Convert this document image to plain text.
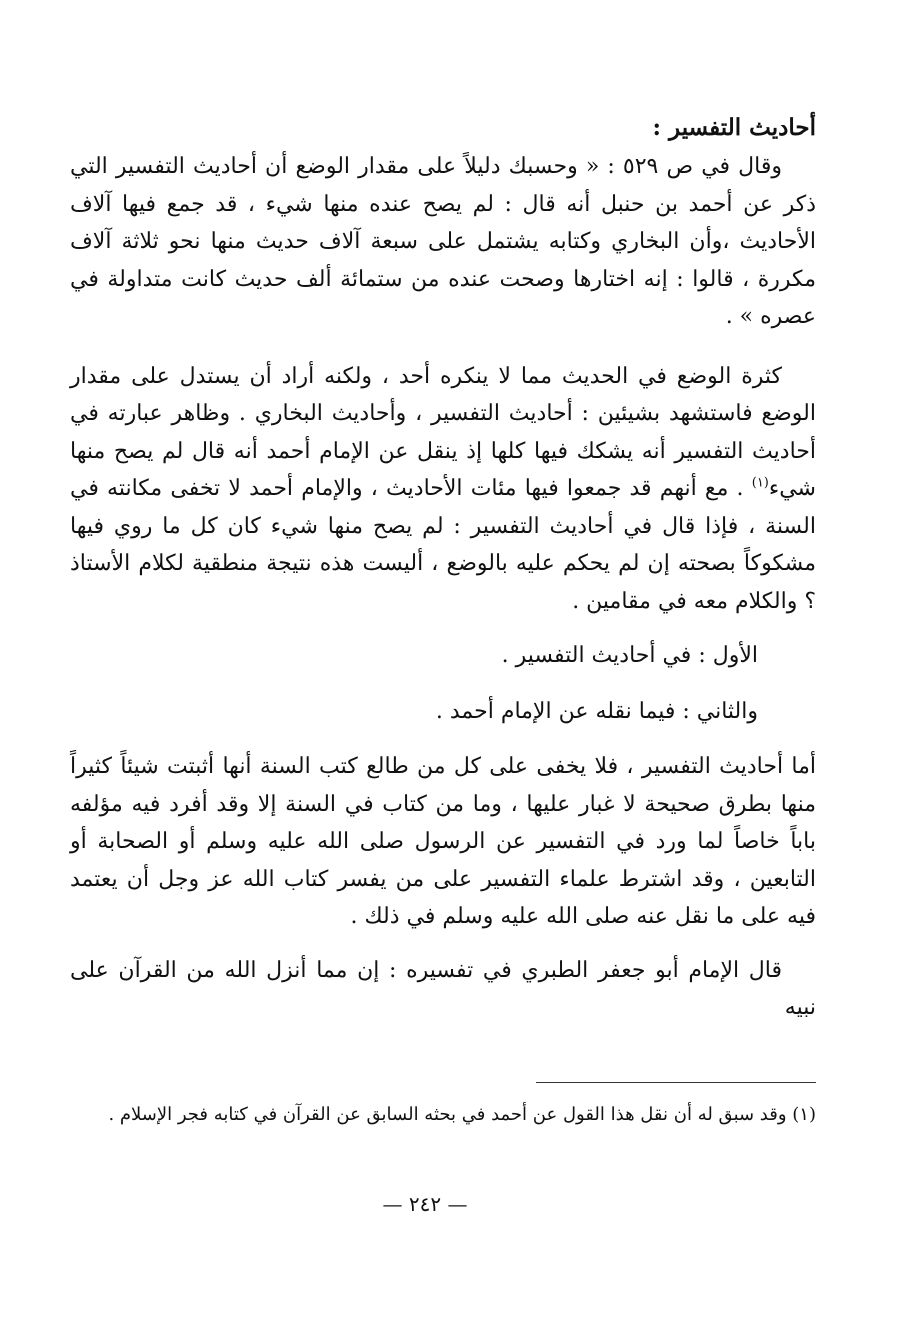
أحاديث التفسير :

وقال في ص ٥٢٩ : « وحسبك دليلاً على مقدار الوضع أن أحاديث التفسير التي ذكر عن أحمد بن حنبل أنه قال : لم يصح عنده منها شيء ، قد جمع فيها آلاف الأحاديث ،وأن البخاري وكتابه يشتمل على سبعة آلاف حديث منها نحو ثلاثة آلاف مكررة ، قالوا : إنه اختارها وصحت عنده من ستمائة ألف حديث كانت متداولة في عصره » .

كثرة الوضع في الحديث مما لا ينكره أحد ، ولكنه أراد أن يستدل على مقدار الوضع فاستشهد بشيئين : أحاديث التفسير ، وأحاديث البخاري . وظاهر عبارته في أحاديث التفسير أنه يشكك فيها كلها إذ ينقل عن الإمام أحمد أنه قال لم يصح منها شيء$^{(١)}$ . مع أنهم قد جمعوا فيها مئات الأحاديث ، والإمام أحمد لا تخفى مكانته في السنة ، فإذا قال في أحاديث التفسير : لم يصح منها شيء كان كل ما روي فيها مشكوكاً بصحته إن لم يحكم عليه بالوضع ، أليست هذه نتيجة منطقية لكلام الأستاذ ؟ والكلام معه في مقامين .

الأول : في أحاديث التفسير .

والثاني : فيما نقله عن الإمام أحمد .

أما أحاديث التفسير ، فلا يخفى على كل من طالع كتب السنة أنها أثبتت شيئاً كثيراً منها بطرق صحيحة لا غبار عليها ، وما من كتاب في السنة إلا وقد أفرد فيه مؤلفه باباً خاصاً لما ورد في التفسير عن الرسول صلى الله عليه وسلم أو الصحابة أو التابعين ، وقد اشترط علماء التفسير على من يفسر كتاب الله عز وجل أن يعتمد فيه على ما نقل عنه صلى الله عليه وسلم في ذلك .

قال الإمام أبو جعفر الطبري في تفسيره : إن مما أنزل الله من القرآن على نبيه

(١) وقد سبق له أن نقل هذا القول عن أحمد في بحثه السابق عن القرآن في كتابه فجر الإسلام .
— ٢٤٢ —
